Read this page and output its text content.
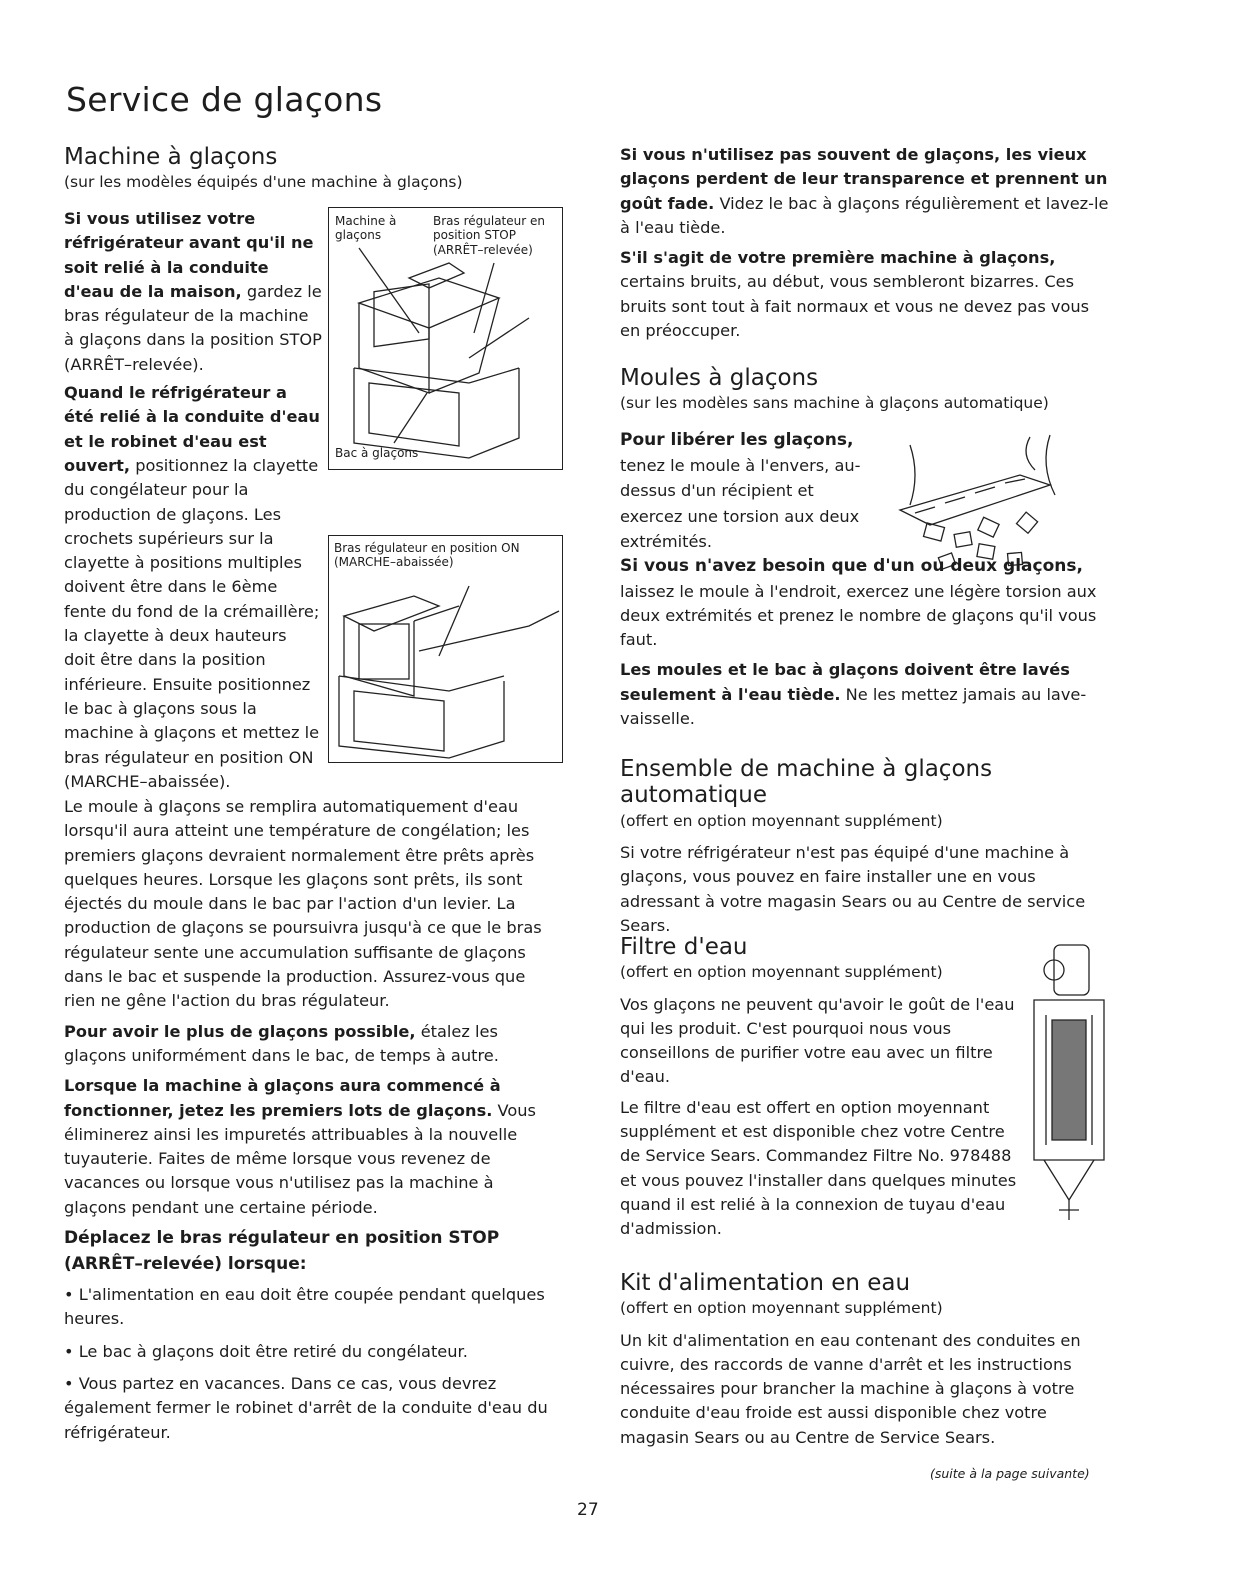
Service de glaçons
Machine à glaçons
(sur les modèles équipés d'une machine à glaçons)
Machine à glaçons
Bras régulateur en position STOP (ARRÊT–relevée)
Bac à glaçons

Si vous utilisez votre réfrigérateur avant qu'il ne soit relié à la conduite d'eau de la maison, gardez le bras régulateur de la machine à glaçons dans la position STOP (ARRÊT–relevée).

Quand le réfrigérateur a été relié à la conduite d'eau et le robinet d'eau est ouvert, positionnez la clayette du congélateur pour la production de glaçons. Les crochets supérieurs sur la clayette à positions multiples doivent être dans le 6ème fente du fond de la crémaillère; la clayette à deux hauteurs doit être dans la position inférieure. Ensuite positionnez le bac à glaçons sous la machine à glaçons et mettez le bras régulateur en position ON (MARCHE–abaissée).

Bras régulateur en position ON (MARCHE–abaissée)

Le moule à glaçons se remplira automatiquement d'eau lorsqu'il aura atteint une température de congélation; les premiers glaçons devraient normalement être prêts après quelques heures. Lorsque les glaçons sont prêts, ils sont éjectés du moule dans le bac par l'action d'un levier. La production de glaçons se poursuivra jusqu'à ce que le bras régulateur sente une accumulation suffisante de glaçons dans le bac et suspende la production. Assurez-vous que rien ne gêne l'action du bras régulateur.

Pour avoir le plus de glaçons possible, étalez les glaçons uniformément dans le bac, de temps à autre.

Lorsque la machine à glaçons aura commencé à fonctionner, jetez les premiers lots de glaçons. Vous éliminerez ainsi les impuretés attribuables à la nouvelle tuyauterie. Faites de même lorsque vous revenez de vacances ou lorsque vous n'utilisez pas la machine à glaçons pendant une certaine période.

Déplacez le bras régulateur en position STOP (ARRÊT–relevée) lorsque:

• L'alimentation en eau doit être coupée pendant quelques heures.
• Le bac à glaçons doit être retiré du congélateur.
• Vous partez en vacances. Dans ce cas, vous devrez également fermer le robinet d'arrêt de la conduite d'eau du réfrigérateur.

Si vous n'utilisez pas souvent de glaçons, les vieux glaçons perdent de leur transparence et prennent un goût fade. Videz le bac à glaçons régulièrement et lavez-le à l'eau tiède.

S'il s'agit de votre première machine à glaçons, certains bruits, au début, vous sembleront bizarres. Ces bruits sont tout à fait normaux et vous ne devez pas vous en préoccuper.

Moules à glaçons
(sur les modèles sans machine à glaçons automatique)

Pour libérer les glaçons, tenez le moule à l'envers, au-dessus d'un récipient et exercez une torsion aux deux extrémités.

Si vous n'avez besoin que d'un ou deux glaçons, laissez le moule à l'endroit, exercez une légère torsion aux deux extrémités et prenez le nombre de glaçons qu'il vous faut.

Les moules et le bac à glaçons doivent être lavés seulement à l'eau tiède. Ne les mettez jamais au lave-vaisselle.

Ensemble de machine à glaçons automatique
(offert en option moyennant supplément)

Si votre réfrigérateur n'est pas équipé d'une machine à glaçons, vous pouvez en faire installer une en vous adressant à votre magasin Sears ou au Centre de service Sears.

Filtre d'eau
(offert en option moyennant supplément)

Vos glaçons ne peuvent qu'avoir le goût de l'eau qui les produit. C'est pourquoi nous vous conseillons de purifier votre eau avec un filtre d'eau.

Le filtre d'eau est offert en option moyennant supplément et est disponible chez votre Centre de Service Sears. Commandez Filtre No. 978488 et vous pouvez l'installer dans quelques minutes quand il est relié à la connexion de tuyau d'eau d'admission.

Kit d'alimentation en eau
(offert en option moyennant supplément)

Un kit d'alimentation en eau contenant des conduites en cuivre, des raccords de vanne d'arrêt et les instructions nécessaires pour brancher la machine à glaçons à votre conduite d'eau froide est aussi disponible chez votre magasin Sears ou au Centre de Service Sears.

(suite à la page suivante)
27
